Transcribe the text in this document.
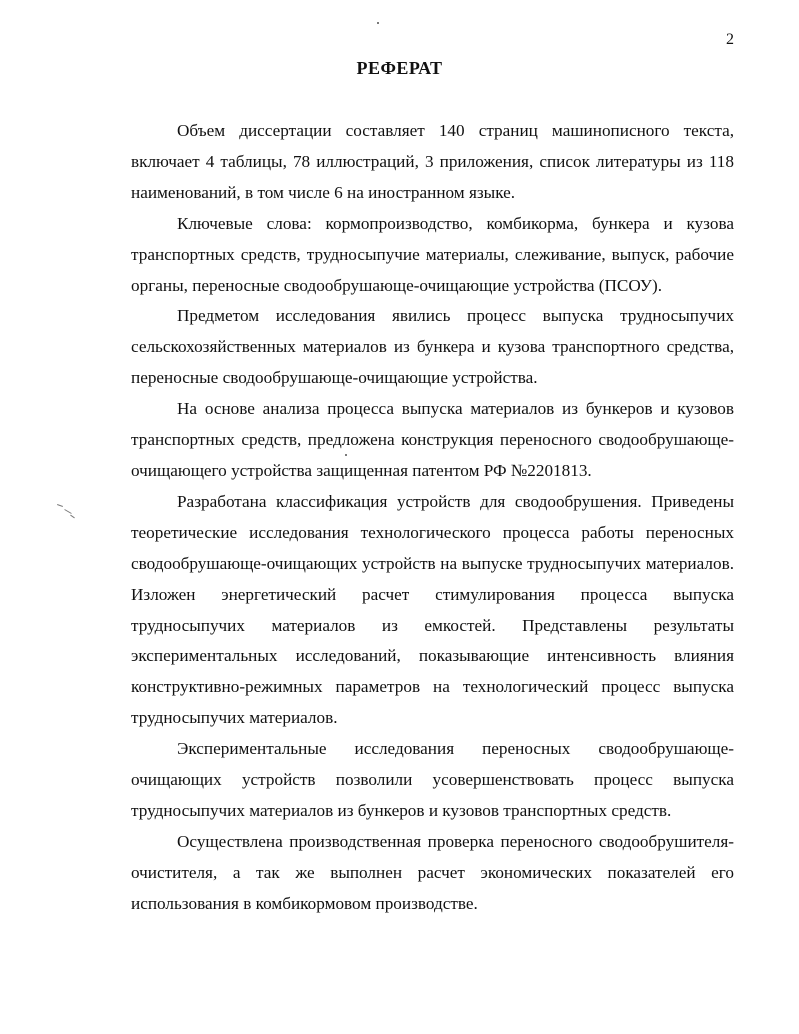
2
РЕФЕРАТ

Объем диссертации составляет 140 страниц машинописного текста, включает 4 таблицы, 78 иллюстраций, 3 приложения, список литературы из 118 наименований, в том числе 6 на иностранном языке.

Ключевые слова: кормопроизводство, комбикорма, бункера и кузова транспортных средств, трудносыпучие материалы, слеживание, выпуск, рабочие органы, переносные сводообрушающе-очищающие устройства (ПСОУ).

Предметом исследования явились процесс выпуска трудносыпучих сельскохозяйственных материалов из бункера и кузова транспортного средства, переносные сводообрушающе-очищающие устройства.

На основе анализа процесса выпуска материалов из бункеров и кузовов транспортных средств, предложена конструкция переносного сводообрушающе-очищающего устройства защищенная патентом РФ №2201813.

Разработана классификация устройств для сводообрушения. Приведены теоретические исследования технологического процесса работы переносных сводообрушающе-очищающих устройств на выпуске трудносыпучих материалов. Изложен энергетический расчет стимулирования процесса выпуска трудносыпучих материалов из емкостей. Представлены результаты экспериментальных исследований, показывающие интенсивность влияния конструктивно-режимных параметров на технологический процесс выпуска трудносыпучих материалов.

Экспериментальные исследования переносных сводообрушающе-очищающих устройств позволили усовершенствовать процесс выпуска трудносыпучих материалов из бункеров и кузовов транспортных средств.

Осуществлена производственная проверка переносного сводообрушителя-очистителя, а так же выполнен расчет экономических показателей его использования в комбикормовом производстве.
